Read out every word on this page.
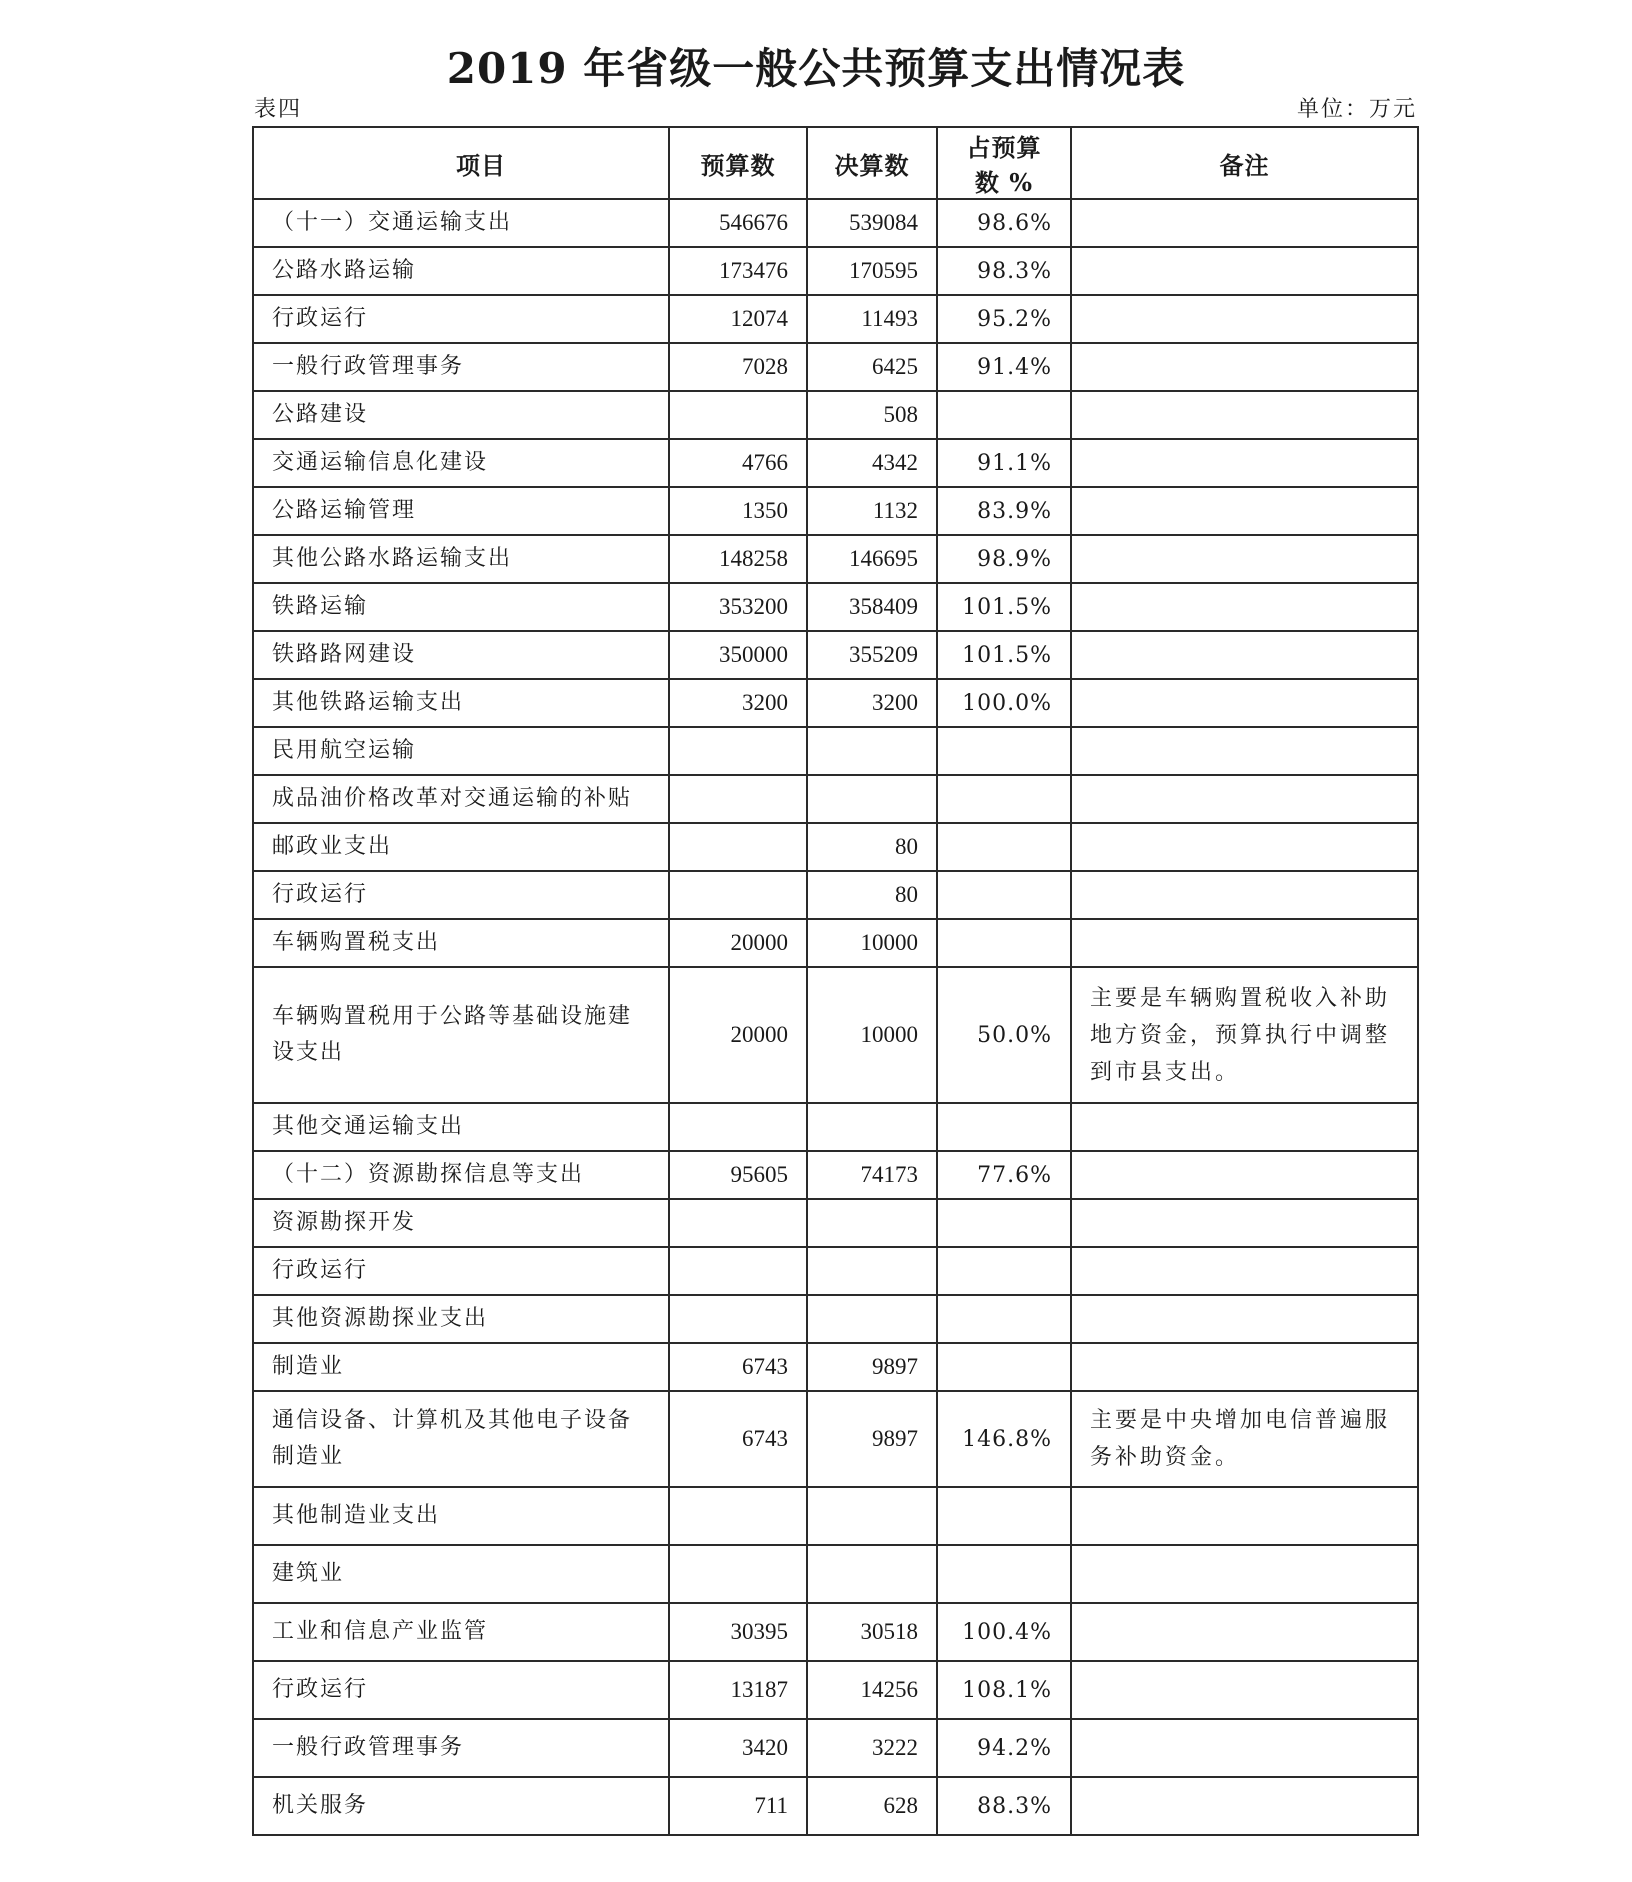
2019 年省级一般公共预算支出情况表
表四	单位：万元
项目	预算数	决算数	占预算数 %	备注
（十一）交通运输支出	546676	539084	98.6%	
公路水路运输	173476	170595	98.3%	
行政运行	12074	11493	95.2%	
一般行政管理事务	7028	6425	91.4%	
公路建设		508		
交通运输信息化建设	4766	4342	91.1%	
公路运输管理	1350	1132	83.9%	
其他公路水路运输支出	148258	146695	98.9%	
铁路运输	353200	358409	101.5%	
铁路路网建设	350000	355209	101.5%	
其他铁路运输支出	3200	3200	100.0%	
民用航空运输				
成品油价格改革对交通运输的补贴				
邮政业支出		80		
行政运行		80		
车辆购置税支出	20000	10000		
车辆购置税用于公路等基础设施建设支出	20000	10000	50.0%	主要是车辆购置税收入补助地方资金，预算执行中调整到市县支出。
其他交通运输支出				
（十二）资源勘探信息等支出	95605	74173	77.6%	
资源勘探开发				
行政运行				
其他资源勘探业支出				
制造业	6743	9897		
通信设备、计算机及其他电子设备制造业	6743	9897	146.8%	主要是中央增加电信普遍服务补助资金。
其他制造业支出				
建筑业				
工业和信息产业监管	30395	30518	100.4%	
行政运行	13187	14256	108.1%	
一般行政管理事务	3420	3222	94.2%	
机关服务	711	628	88.3%	
